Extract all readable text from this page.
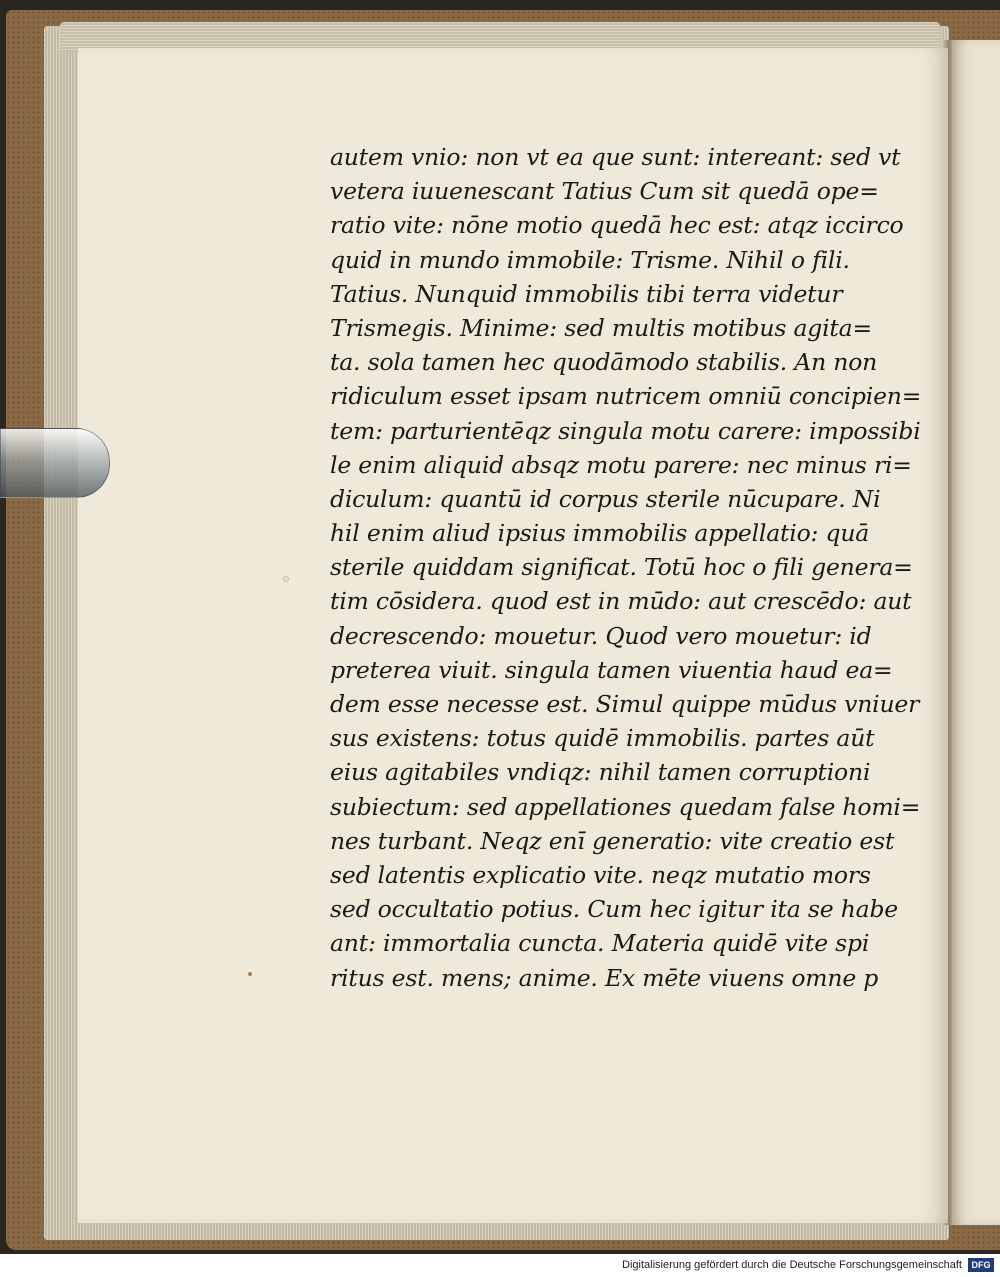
autem vnio: non vt ea que sunt: intereant: sed vt
vetera iuuenescant Tatius Cum sit quedā ope=
ratio vite: nōne motio quedā hec est: atqz iccirco
quid in mundo immobile: Trisme. Nihil o fili.
Tatius. Nunquid immobilis tibi terra videtur
Trismegis. Minime: sed multis motibus agita=
ta. sola tamen hec quodāmodo stabilis. An non
ridiculum esset ipsam nutricem omniū concipien=
tem: parturientēqz singula motu carere: impossibi
le enim aliquid absqz motu parere: nec minus ri=
diculum: quantū id corpus sterile nūcupare. Ni
hil enim aliud ipsius immobilis appellatio: quā
sterile quiddam significat. Totū hoc o fili genera=
tim cōsidera. quod est in mūdo: aut crescēdo: aut
decrescendo: mouetur. Quod vero mouetur: id
preterea viuit. singula tamen viuentia haud ea=
dem esse necesse est. Simul quippe mūdus vniuer
sus existens: totus quidē immobilis. partes aūt
eius agitabiles vndiqz: nihil tamen corruptioni
subiectum: sed appellationes quedam false homi=
nes turbant. Neqz enī generatio: vite creatio est
sed latentis explicatio vite. neqz mutatio mors
sed occultatio potius. Cum hec igitur ita se habe
ant: immortalia cuncta. Materia quidē vite spi
ritus est. mens; anime. Ex mēte viuens omne p
Digitalisierung gefördert durch die Deutsche Forschungsgemeinschaft	DFG
